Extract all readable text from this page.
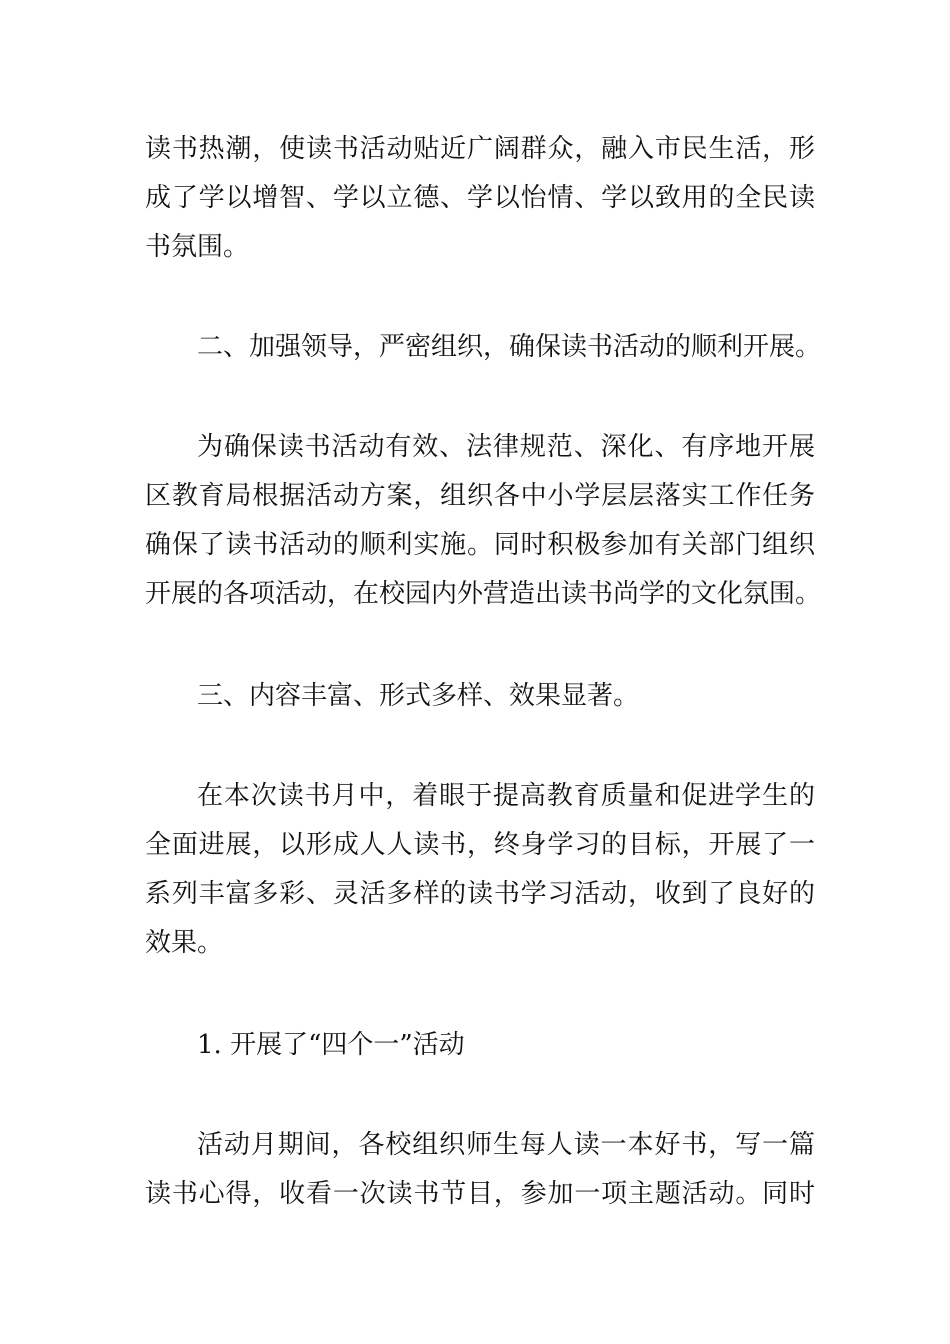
读书热潮，使读书活动贴近广阔群众，融入市民生活，形
成了学以增智、学以立德、学以怡情、学以致用的全民读
书氛围。
二、加强领导，严密组织，确保读书活动的顺利开展。
为确保读书活动有效、法律规范、深化、有序地开展
区教育局根据活动方案，组织各中小学层层落实工作任务
确保了读书活动的顺利实施。同时积极参加有关部门组织
开展的各项活动，在校园内外营造出读书尚学的文化氛围。
三、内容丰富、形式多样、效果显著。
在本次读书月中，着眼于提高教育质量和促进学生的
全面进展，以形成人人读书，终身学习的目标，开展了一
系列丰富多彩、灵活多样的读书学习活动，收到了良好的
效果。
1. 开展了“四个一”活动
活动月期间，各校组织师生每人读一本好书，写一篇
读书心得，收看一次读书节目，参加一项主题活动。同时
